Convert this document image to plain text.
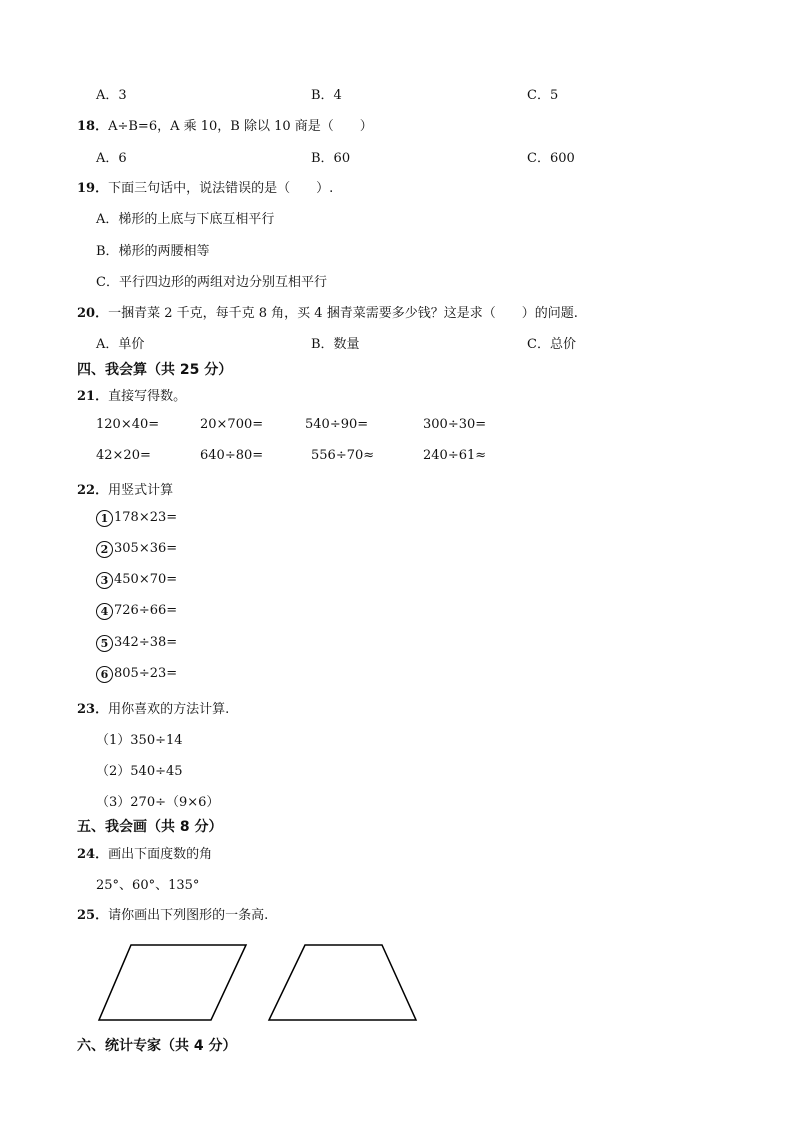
A．3	B．4	C．5
18．A÷B=6，A 乘 10，B 除以 10 商是（　　）
A．6	B．60	C．600
19．下面三句话中，说法错误的是（　　）.
A．梯形的上底与下底互相平行
B．梯形的两腰相等
C．平行四边形的两组对边分别互相平行
20．一捆青菜 2 千克，每千克 8 角，买 4 捆青菜需要多少钱？这是求（　　）的问题.
A．单价	B．数量	C．总价
四、我会算（共 25 分）
21．直接写得数。
120×40=	20×700=	540÷90=	300÷30=
42×20=	640÷80=	556÷70≈	240÷61≈
22．用竖式计算
1 178×23=
2 305×36=
3 450×70=
4 726÷66=
5 342÷38=
6 805÷23=
23．用你喜欢的方法计算.
（1）350÷14
（2）540÷45
（3）270÷（9×6）
五、我会画（共 8 分）
24．画出下面度数的角
25°、60°、135°
25．请你画出下列图形的一条高.
六、统计专家（共 4 分）
